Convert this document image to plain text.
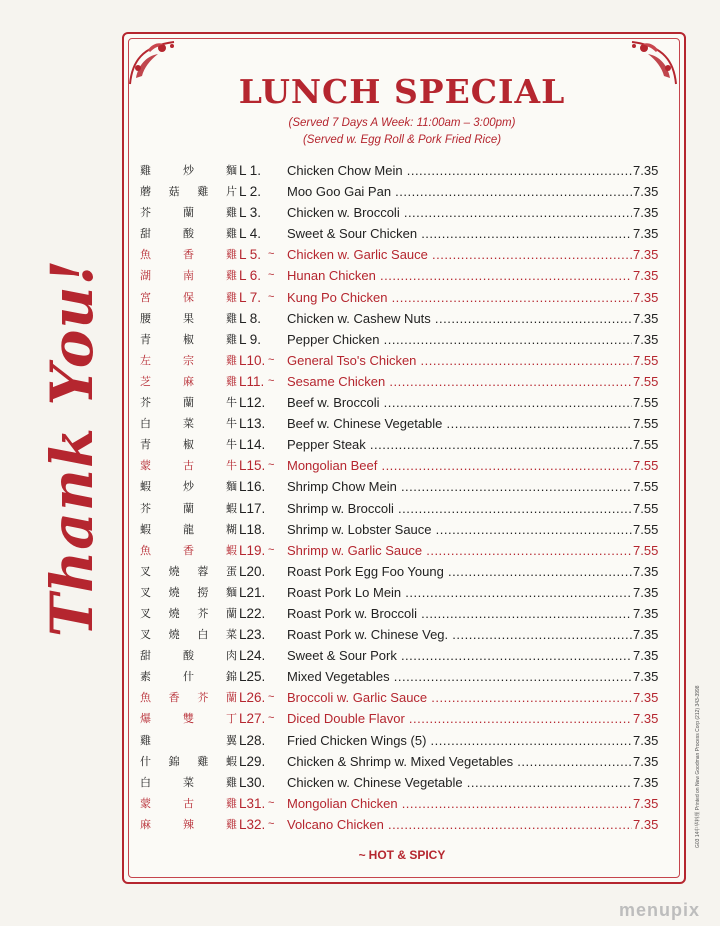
Thank You!
LUNCH SPECIAL
(Served 7 Days A Week: 11:00am – 3:00pm)
(Served w. Egg Roll & Pork Fried Rice)
雞	炒	麵 L 1. Chicken Chow Mein .....	7.35
蘑 菇 雞 片 L 2. Moo Goo Gai Pan .....	7.35
芥	蘭	雞 L 3. Chicken w. Broccoli .....	7.35
甜	酸	雞 L 4. Sweet & Sour Chicken .....	7.35
魚	香	雞 L 5. ~ Chicken w. Garlic Sauce .....	7.35
湖	南	雞 L 6. ~ Hunan Chicken .....	7.35
宮	保	雞 L 7. ~ Kung Po Chicken .....	7.35
腰	果	雞 L 8. Chicken w. Cashew Nuts .....	7.35
青	椒	雞 L 9. Pepper Chicken .....	7.35
左	宗	雞 L10. ~ General Tso's Chicken .....	7.55
芝	麻	雞 L11. ~ Sesame Chicken .....	7.55
芥	蘭	牛 L12. Beef w. Broccoli .....	7.55
白	菜	牛 L13. Beef w. Chinese Vegetable .....	7.55
青	椒	牛 L14. Pepper Steak .....	7.55
蒙	古	牛 L15. ~ Mongolian Beef .....	7.55
蝦	炒	麵 L16. Shrimp Chow Mein .....	7.55
芥	蘭	蝦 L17. Shrimp w. Broccoli .....	7.55
蝦	龍	糊 L18. Shrimp w. Lobster Sauce .....	7.55
魚	香	蝦 L19. ~ Shrimp w. Garlic Sauce .....	7.55
叉 燒 蓉 蛋 L20. Roast Pork Egg Foo Young .....	7.35
叉 燒 撈 麵 L21. Roast Pork Lo Mein .....	7.35
叉 燒 芥 蘭 L22. Roast Pork w. Broccoli .....	7.35
叉 燒 白 菜 L23. Roast Pork w. Chinese Veg. .....	7.35
甜	酸	肉 L24. Sweet & Sour Pork .....	7.35
素	什	錦 L25. Mixed Vegetables .....	7.35
魚 香 芥 蘭 L26. ~ Broccoli w. Garlic Sauce .....	7.35
爆	雙	丁 L27. ~ Diced Double Flavor .....	7.35
雞	翼 L28. Fried Chicken Wings (5) .....	7.35
什 錦 雞 蝦 L29. Chicken & Shrimp w. Mixed Vegetables .....	7.35
白	菜	雞 L30. Chicken w. Chinese Vegetable .....	7.35
蒙	古	雞 L31. ~ Mongolian Chicken .....	7.35
麻	辣	雞 L32. ~ Volcano Chicken .....	7.35
~ HOT & SPICY
G03 14中华料理 Printed on New Goodman Process Corp (212) 343-3998
menupix
